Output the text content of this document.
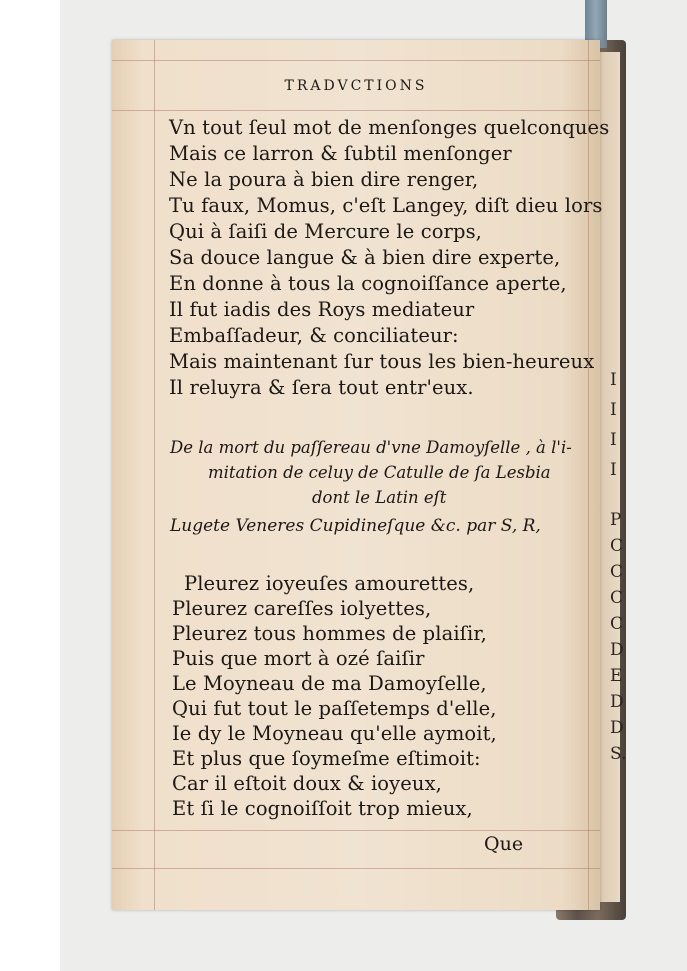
I
I
I
I
P
C
C
C
C
D
E
D
D
S.
TRADVCTIONS
Vn tout ſeul mot de menſonges quelconques
Mais ce larron & ſubtil menſonger
Ne la poura à bien dire renger,
Tu faux, Momus, c'eſt Langey, diſt dieu lors
Qui à ſaiſi de Mercure le corps,
Sa douce langue & à bien dire experte,
En donne à tous la cognoiſſance aperte,
Il fut iadis des Roys mediateur
Embaſſadeur, & conciliateur:
Mais maintenant ſur tous les bien-heureux
Il reluyra & ſera tout entr'eux.
De la mort du paſſereau d'vne Damoyſelle , à l'i-
mitation de celuy de Catulle de ſa Lesbia
dont le Latin eſt
Lugete Veneres Cupidineſque &c. par S, R,
Pleurez ioyeuſes amourettes,
Pleurez careſſes iolyettes,
Pleurez tous hommes de plaiſir,
Puis que mort à ozé ſaiſir
Le Moyneau de ma Damoyſelle,
Qui fut tout le paſſetemps d'elle,
Ie dy le Moyneau qu'elle aymoit,
Et plus que ſoymeſme eſtimoit:
Car il eſtoit doux & ioyeux,
Et ſi le cognoiſſoit trop mieux,
Que
